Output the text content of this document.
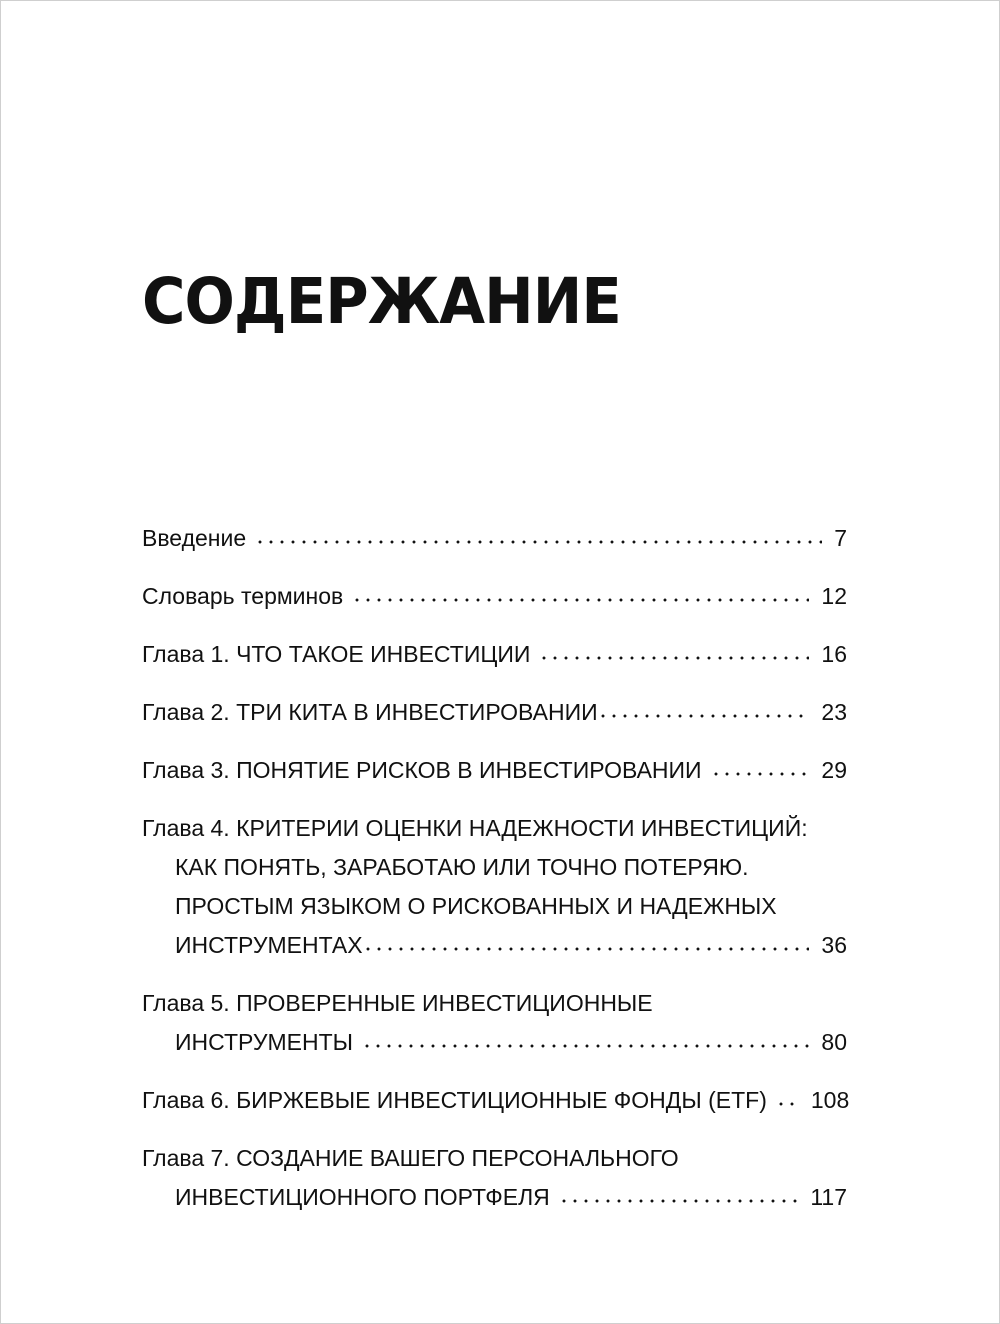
СОДЕРЖАНИЕ
Введение	7
Словарь терминов	12
Глава 1. ЧТО ТАКОЕ ИНВЕСТИЦИИ	16
Глава 2. ТРИ КИТА В ИНВЕСТИРОВАНИИ	23
Глава 3. ПОНЯТИЕ РИСКОВ В ИНВЕСТИРОВАНИИ	29
Глава 4. КРИТЕРИИ ОЦЕНКИ НАДЕЖНОСТИ ИНВЕСТИЦИЙ:
КАК ПОНЯТЬ, ЗАРАБОТАЮ ИЛИ ТОЧНО ПОТЕРЯЮ.
ПРОСТЫМ ЯЗЫКОМ О РИСКОВАННЫХ И НАДЕЖНЫХ
ИНСТРУМЕНТАХ	36
Глава 5. ПРОВЕРЕННЫЕ ИНВЕСТИЦИОННЫЕ
ИНСТРУМЕНТЫ	80
Глава 6. БИРЖЕВЫЕ ИНВЕСТИЦИОННЫЕ ФОНДЫ (ETF) 108
Глава 7. СОЗДАНИЕ ВАШЕГО ПЕРСОНАЛЬНОГО
ИНВЕСТИЦИОННОГО ПОРТФЕЛЯ	117
